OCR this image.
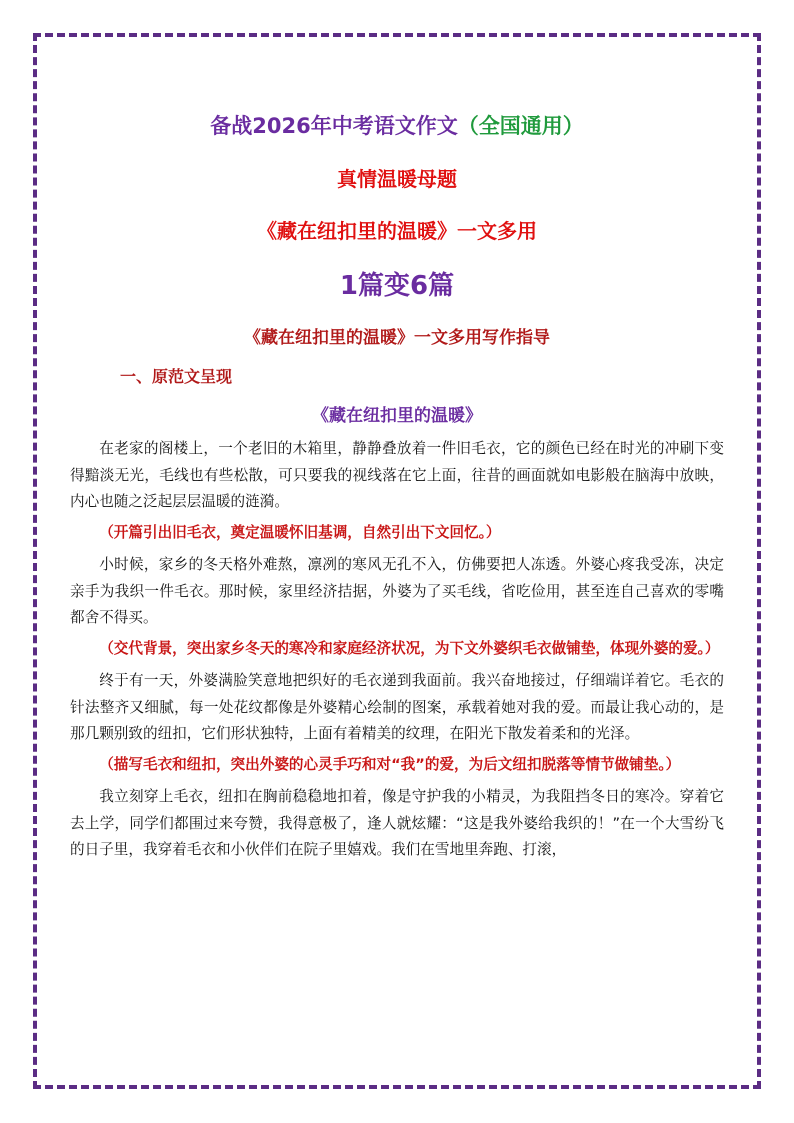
备战2026年中考语文作文（全国通用）
真情温暖母题
《藏在纽扣里的温暖》一文多用
1篇变6篇
《藏在纽扣里的温暖》一文多用写作指导
一、原范文呈现
《藏在纽扣里的温暖》

在老家的阁楼上，一个老旧的木箱里，静静叠放着一件旧毛衣，它的颜色已经在时光的冲刷下变得黯淡无光，毛线也有些松散，可只要我的视线落在它上面，往昔的画面就如电影般在脑海中放映，内心也随之泛起层层温暖的涟漪。

（开篇引出旧毛衣，奠定温暖怀旧基调，自然引出下文回忆。）

小时候，家乡的冬天格外难熬，凛冽的寒风无孔不入，仿佛要把人冻透。外婆心疼我受冻，决定亲手为我织一件毛衣。那时候，家里经济拮据，外婆为了买毛线，省吃俭用，甚至连自己喜欢的零嘴都舍不得买。

（交代背景，突出家乡冬天的寒冷和家庭经济状况，为下文外婆织毛衣做铺垫，体现外婆的爱。）

终于有一天，外婆满脸笑意地把织好的毛衣递到我面前。我兴奋地接过，仔细端详着它。毛衣的针法整齐又细腻，每一处花纹都像是外婆精心绘制的图案，承载着她对我的爱。而最让我心动的，是那几颗别致的纽扣，它们形状独特，上面有着精美的纹理，在阳光下散发着柔和的光泽。

（描写毛衣和纽扣，突出外婆的心灵手巧和对“我”的爱，为后文纽扣脱落等情节做铺垫。）

我立刻穿上毛衣，纽扣在胸前稳稳地扣着，像是守护我的小精灵，为我阻挡冬日的寒冷。穿着它去上学，同学们都围过来夸赞，我得意极了，逢人就炫耀：“这是我外婆给我织的！”在一个大雪纷飞的日子里，我穿着毛衣和小伙伴们在院子里嬉戏。我们在雪地里奔跑、打滚，
